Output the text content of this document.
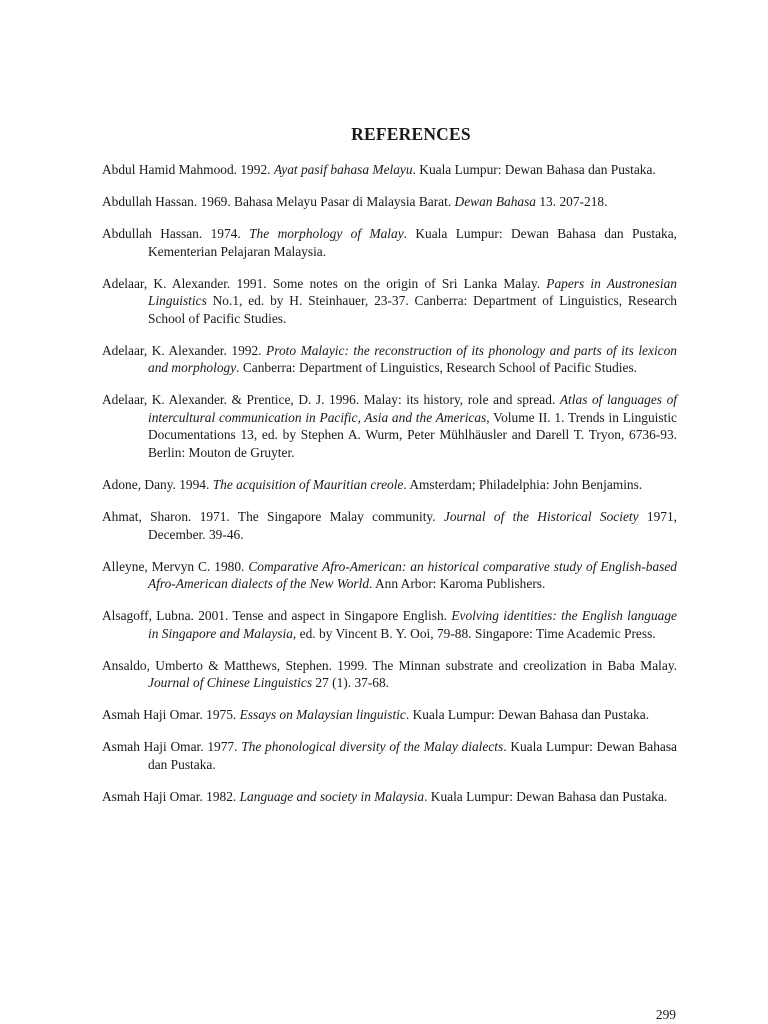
REFERENCES

Abdul Hamid Mahmood. 1992. Ayat pasif bahasa Melayu. Kuala Lumpur: Dewan Bahasa dan Pustaka.

Abdullah Hassan. 1969. Bahasa Melayu Pasar di Malaysia Barat. Dewan Bahasa 13. 207-218.

Abdullah Hassan. 1974. The morphology of Malay. Kuala Lumpur: Dewan Bahasa dan Pustaka, Kementerian Pelajaran Malaysia.

Adelaar, K. Alexander. 1991. Some notes on the origin of Sri Lanka Malay. Papers in Austronesian Linguistics No.1, ed. by H. Steinhauer, 23-37. Canberra: Department of Linguistics, Research School of Pacific Studies.

Adelaar, K. Alexander. 1992. Proto Malayic: the reconstruction of its phonology and parts of its lexicon and morphology. Canberra: Department of Linguistics, Research School of Pacific Studies.

Adelaar, K. Alexander. & Prentice, D. J. 1996. Malay: its history, role and spread. Atlas of languages of intercultural communication in Pacific, Asia and the Americas, Volume II. 1. Trends in Linguistic Documentations 13, ed. by Stephen A. Wurm, Peter Mühlhäusler and Darell T. Tryon, 6736-93. Berlin: Mouton de Gruyter.

Adone, Dany. 1994. The acquisition of Mauritian creole. Amsterdam; Philadelphia: John Benjamins.

Ahmat, Sharon. 1971. The Singapore Malay community. Journal of the Historical Society 1971, December. 39-46.

Alleyne, Mervyn C. 1980. Comparative Afro-American: an historical comparative study of English-based Afro-American dialects of the New World. Ann Arbor: Karoma Publishers.

Alsagoff, Lubna. 2001. Tense and aspect in Singapore English. Evolving identities: the English language in Singapore and Malaysia, ed. by Vincent B. Y. Ooi, 79-88. Singapore: Time Academic Press.

Ansaldo, Umberto & Matthews, Stephen. 1999. The Minnan substrate and creolization in Baba Malay. Journal of Chinese Linguistics 27 (1). 37-68.

Asmah Haji Omar. 1975. Essays on Malaysian linguistic. Kuala Lumpur: Dewan Bahasa dan Pustaka.

Asmah Haji Omar. 1977. The phonological diversity of the Malay dialects. Kuala Lumpur: Dewan Bahasa dan Pustaka.

Asmah Haji Omar. 1982. Language and society in Malaysia. Kuala Lumpur: Dewan Bahasa dan Pustaka.

299
